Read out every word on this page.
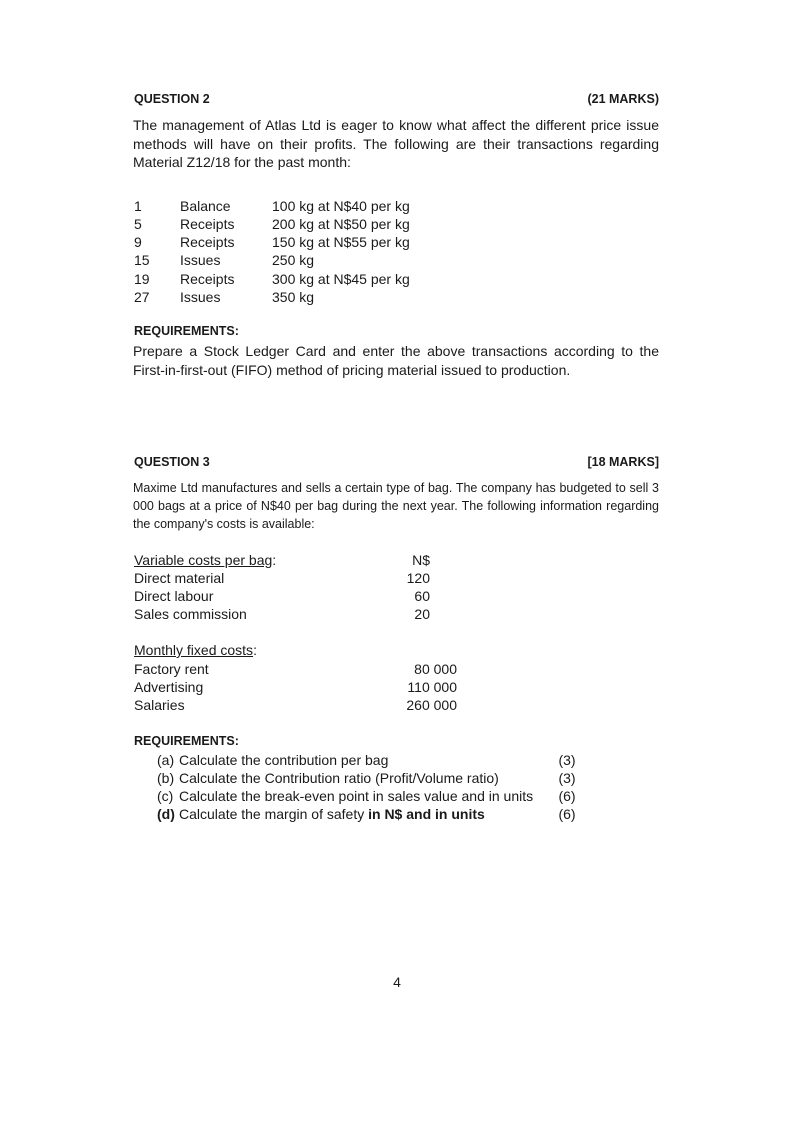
QUESTION 2	(21 MARKS)
The management of Atlas Ltd is eager to know what affect the different price issue methods will have on their profits. The following are their transactions regarding Material Z12/18 for the past month:
1	Balance	100 kg at N$40 per kg
5	Receipts	200 kg at N$50 per kg
9	Receipts	150 kg at N$55 per kg
15 Issues	250 kg
19 Receipts	300 kg at N$45 per kg
27 Issues	350 kg
REQUIREMENTS:
Prepare a Stock Ledger Card and enter the above transactions according to the First-in-first-out (FIFO) method of pricing material issued to production.
QUESTION 3	[18 MARKS]
Maxime Ltd manufactures and sells a certain type of bag. The company has budgeted to sell 3 000 bags at a price of N$40 per bag during the next year. The following information regarding the company's costs is available:
Variable costs per bag:	N$
Direct material	120
Direct labour	60
Sales commission	20
Monthly fixed costs:
Factory rent	80 000
Advertising	110 000
Salaries	260 000
REQUIREMENTS:
(a) Calculate the contribution per bag	(3)
(b) Calculate the Contribution ratio (Profit/Volume ratio)	(3)
(c) Calculate the break-even point in sales value and in units (6)
(d) Calculate the margin of safety in N$ and in units	(6)
4
